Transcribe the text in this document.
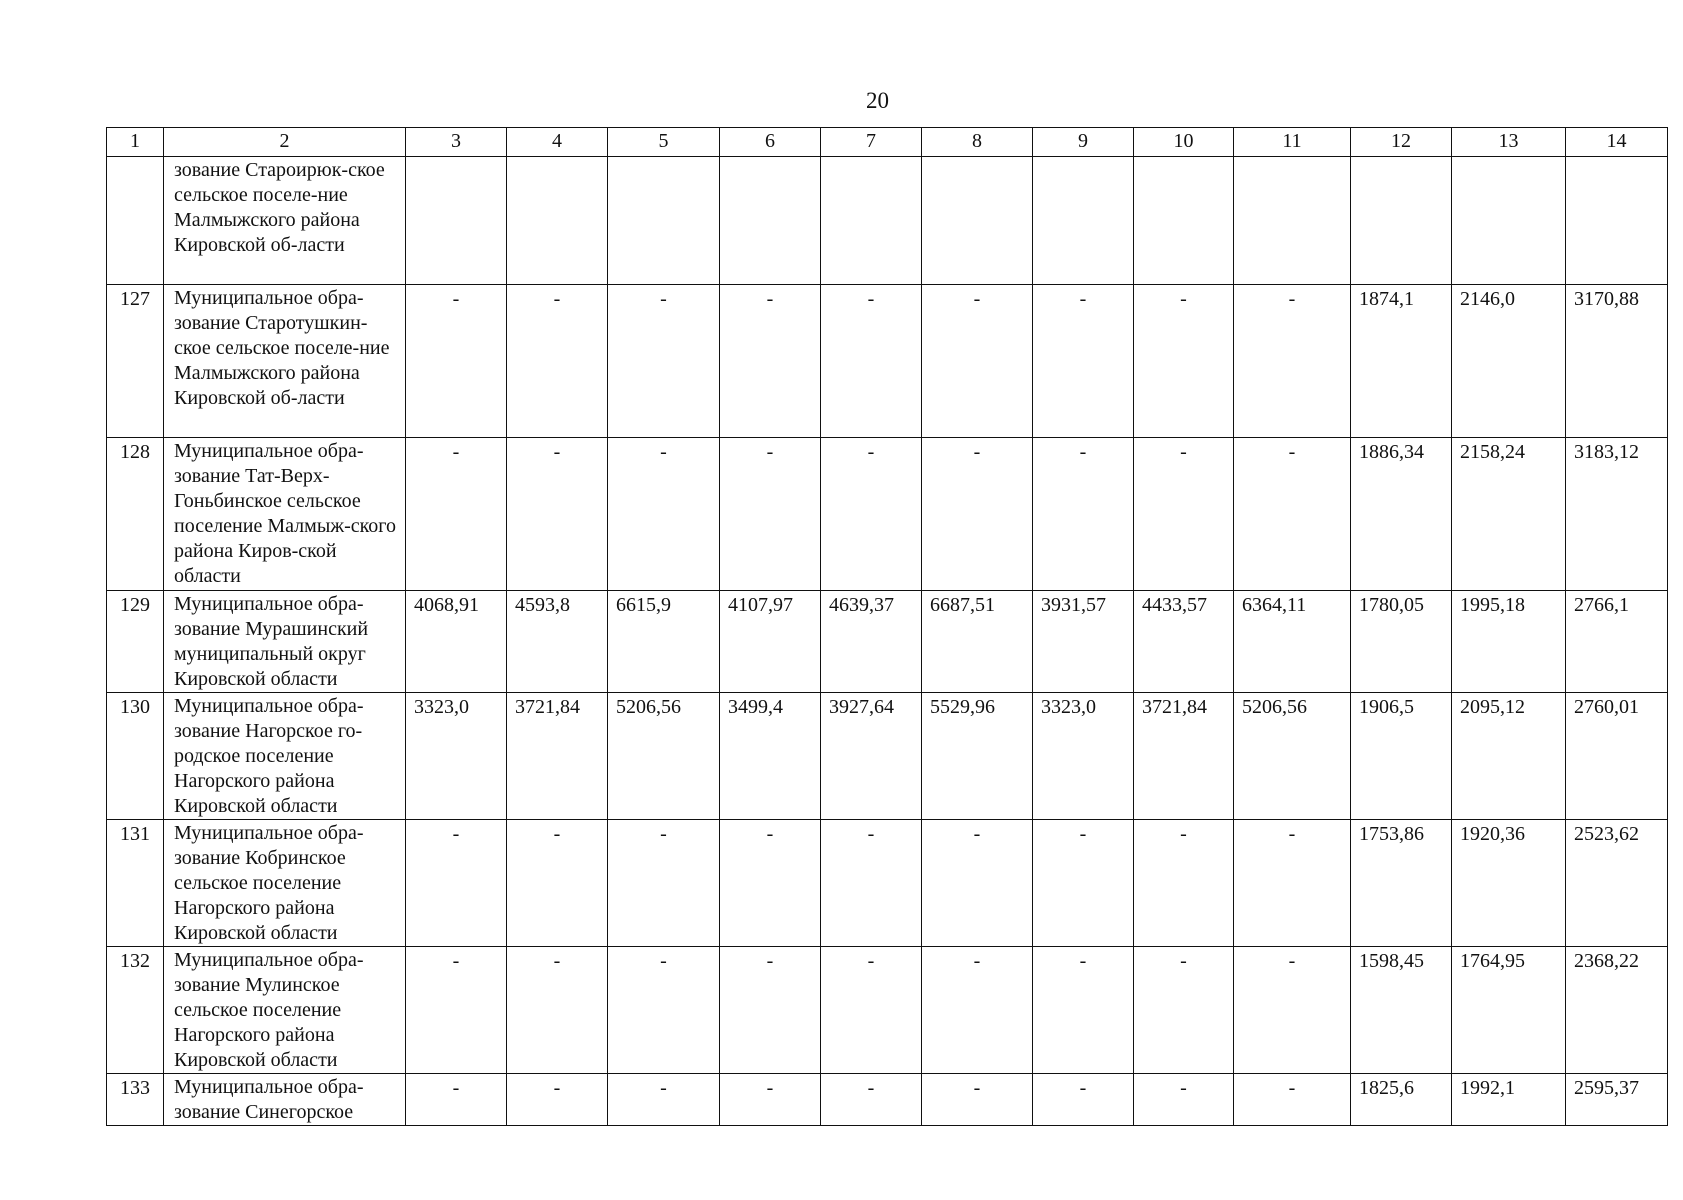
20
1	2	3	4	5	6	7	8	9	10	11	12	13	14
	зование Староирюк-ское сельское поселе-ние Малмыжского района Кировской об-ласти												
127	Муниципальное обра-зование Старотушкин-ское сельское поселе-ние Малмыжского района Кировской об-ласти	-	-	-	-	-	-	-	-	-	1874,1	2146,0	3170,88
128	Муниципальное обра-зование Тат-Верх-Гоньбинское сельское поселение Малмыж-ского района Киров-ской области	-	-	-	-	-	-	-	-	-	1886,34	2158,24	3183,12
129	Муниципальное обра-зование Мурашинский муниципальный округ Кировской области	4068,91	4593,8	6615,9	4107,97	4639,37	6687,51	3931,57	4433,57	6364,11	1780,05	1995,18	2766,1
130	Муниципальное обра-зование Нагорское го-родское поселение Нагорского района Кировской области	3323,0	3721,84	5206,56	3499,4	3927,64	5529,96	3323,0	3721,84	5206,56	1906,5	2095,12	2760,01
131	Муниципальное обра-зование Кобринское сельское поселение Нагорского района Кировской области	-	-	-	-	-	-	-	-	-	1753,86	1920,36	2523,62
132	Муниципальное обра-зование Мулинское сельское поселение Нагорского района Кировской области	-	-	-	-	-	-	-	-	-	1598,45	1764,95	2368,22
133	Муниципальное обра-зование Синегорское	-	-	-	-	-	-	-	-	-	1825,6	1992,1	2595,37
